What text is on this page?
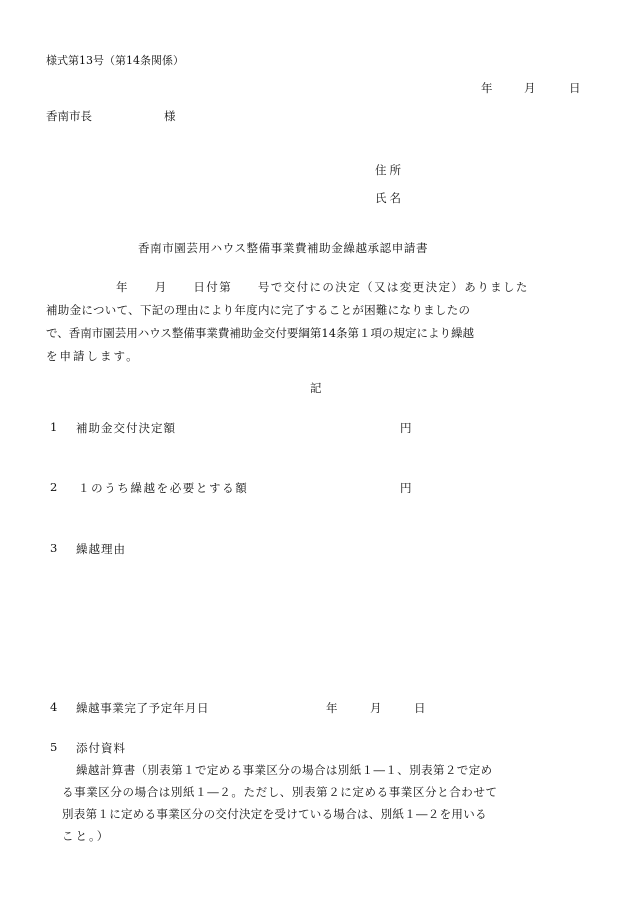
様式第13号（第14条関係）
年	月	日
香南市長	様
住所
氏名
香南市園芸用ハウス整備事業費補助金繰越承認申請書
年　　月　　日付第　　号で交付にの決定（又は変更決定）ありました
補助金について、下記の理由により年度内に完了することが困難になりましたの
で、香南市園芸用ハウス整備事業費補助金交付要綱第14条第１項の規定により繰越
を申請します。
記
1 補助金交付決定額	円
2 １のうち繰越を必要とする額	円
3 繰越理由
4 繰越事業完了予定年月日	年	月	日
5 添付資料
繰越計算書（別表第１で定める事業区分の場合は別紙１―１、別表第２で定め
る事業区分の場合は別紙１―２。ただし、別表第２に定める事業区分と合わせて
別表第１に定める事業区分の交付決定を受けている場合は、別紙１―２を用いる
こと。）
